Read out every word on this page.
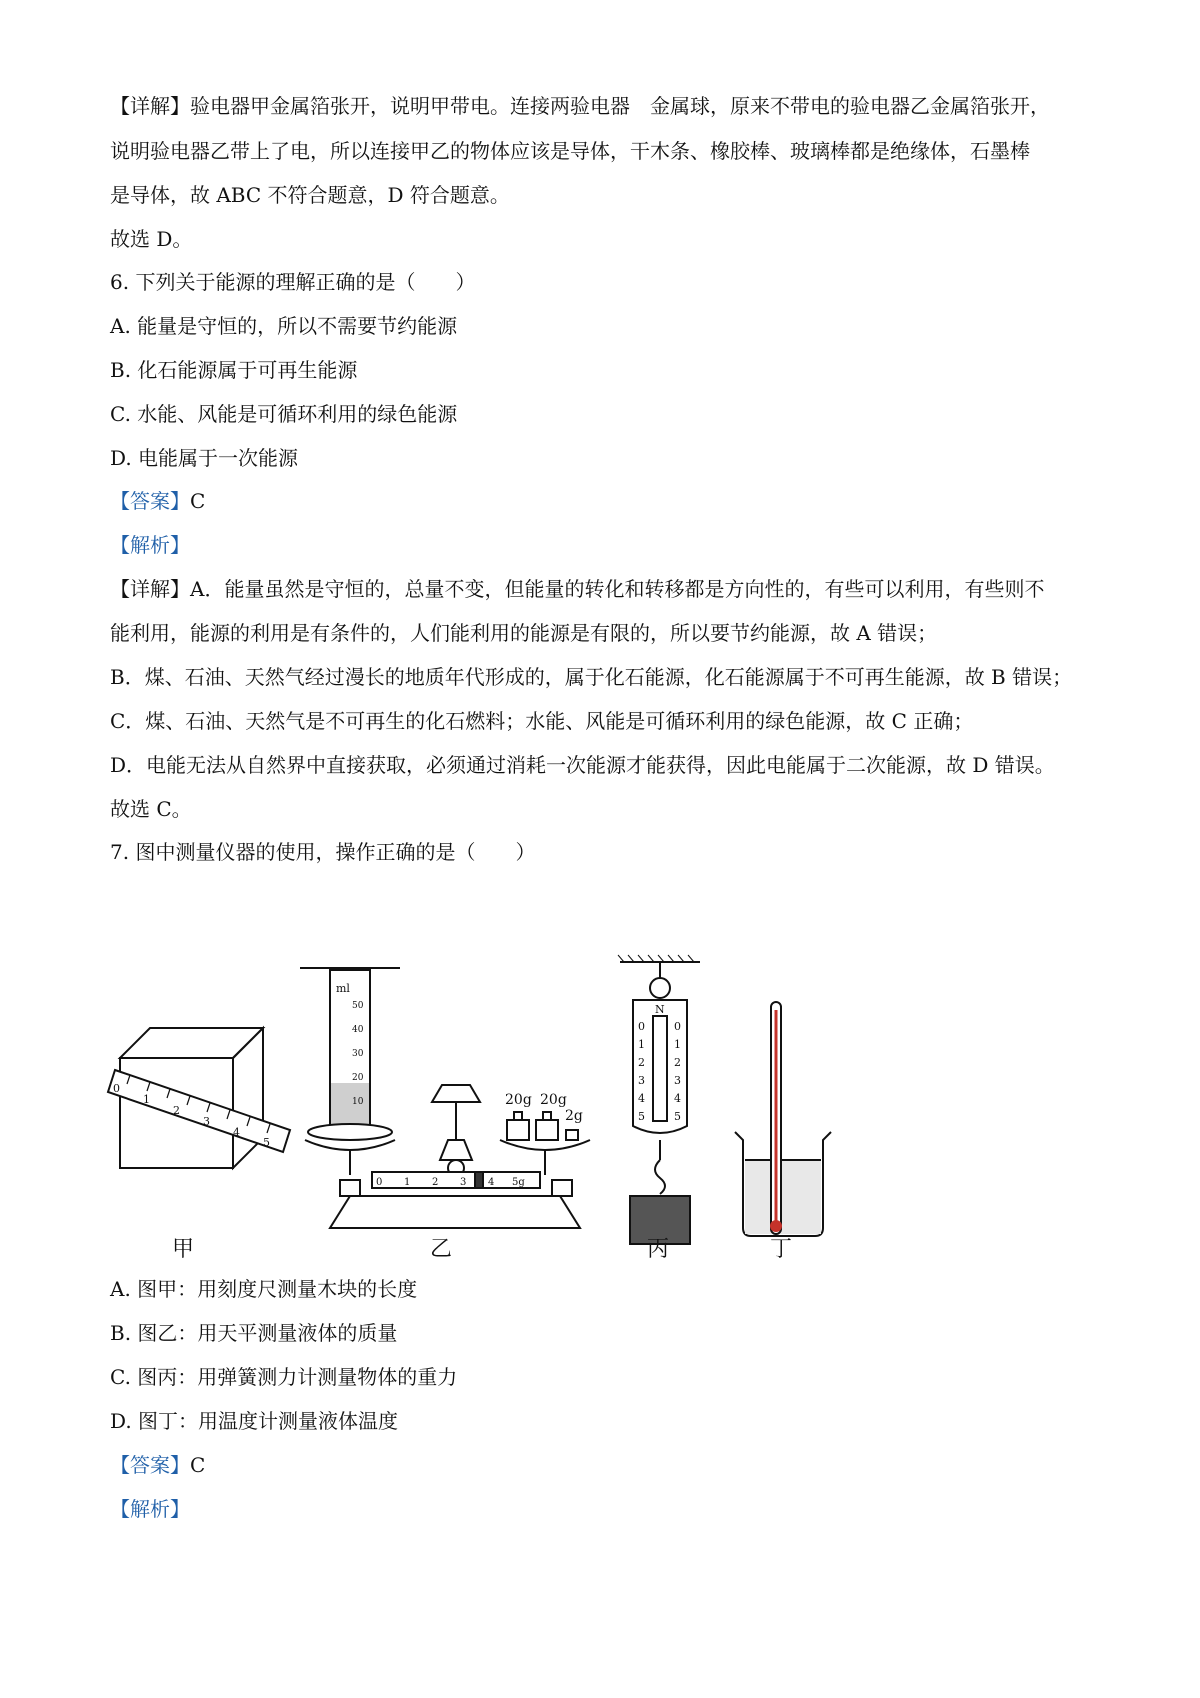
【详解】验电器甲金属箔张开，说明甲带电。连接两验电器　金属球，原来不带电的验电器乙金属箔张开，
说明验电器乙带上了电，所以连接甲乙的物体应该是导体，干木条、橡胶棒、玻璃棒都是绝缘体，石墨棒
是导体，故 ABC 不符合题意，D 符合题意。
故选 D。
6. 下列关于能源的理解正确的是（　　）
A. 能量是守恒的，所以不需要节约能源
B. 化石能源属于可再生能源
C. 水能、风能是可循环利用的绿色能源
D. 电能属于一次能源
【答案】C
【解析】
【详解】A．能量虽然是守恒的，总量不变，但能量的转化和转移都是方向性的，有些可以利用，有些则不
能利用，能源的利用是有条件的，人们能利用的能源是有限的，所以要节约能源，故 A 错误；
B．煤、石油、天然气经过漫长的地质年代形成的，属于化石能源，化石能源属于不可再生能源，故 B 错误；
C．煤、石油、天然气是不可再生的化石燃料；水能、风能是可循环利用的绿色能源，故 C 正确；
D．电能无法从自然界中直接获取，必须通过消耗一次能源才能获得，因此电能属于二次能源，故 D 错误。
故选 C。
7. 图中测量仪器的使用，操作正确的是（　　）
0
1
2
3
4
5
ml
50
40
30
20
10	20g 20g
2g
0 1 2 3 4 5g
N
0
1
2
3
4
5
0
1
2
3
4
5
甲	乙	丙	丁
A. 图甲：用刻度尺测量木块的长度
B. 图乙：用天平测量液体的质量
C. 图丙：用弹簧测力计测量物体的重力
D. 图丁：用温度计测量液体温度
【答案】C
【解析】
